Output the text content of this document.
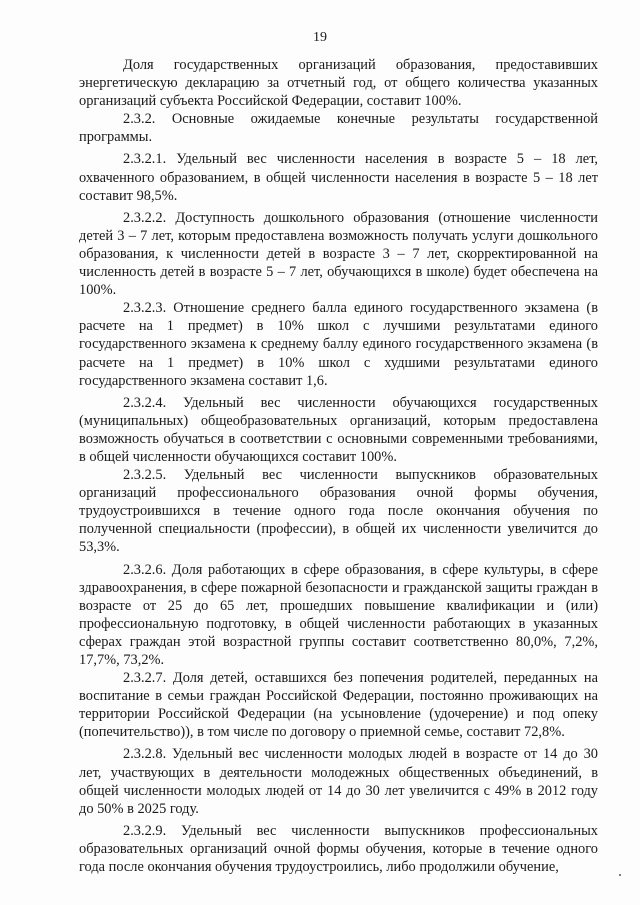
19

Доля государственных организаций образования, предоставивших энергетическую декларацию за отчетный год, от общего количества указанных организаций субъекта Российской Федерации, составит 100%.

2.3.2. Основные ожидаемые конечные результаты государственной программы.

2.3.2.1. Удельный вес численности населения в возрасте 5 – 18 лет, охваченного образованием, в общей численности населения в возрасте 5 – 18 лет составит 98,5%.

2.3.2.2. Доступность дошкольного образования (отношение численности детей 3 – 7 лет, которым предоставлена возможность получать услуги дошкольного образования, к численности детей в возрасте 3 – 7 лет, скорректированной на численность детей в возрасте 5 – 7 лет, обучающихся в школе) будет обеспечена на 100%.

2.3.2.3. Отношение среднего балла единого государственного экзамена (в расчете на 1 предмет) в 10% школ с лучшими результатами единого государственного экзамена к среднему баллу единого государственного экзамена (в расчете на 1 предмет) в 10% школ с худшими результатами единого государственного экзамена составит 1,6.

2.3.2.4. Удельный вес численности обучающихся государственных (муниципальных) общеобразовательных организаций, которым предоставлена возможность обучаться в соответствии с основными современными требованиями, в общей численности обучающихся составит 100%.

2.3.2.5. Удельный вес численности выпускников образовательных организаций профессионального образования очной формы обучения, трудоустроившихся в течение одного года после окончания обучения по полученной специальности (профессии), в общей их численности увеличится до 53,3%.

2.3.2.6. Доля работающих в сфере образования, в сфере культуры, в сфере здравоохранения, в сфере пожарной безопасности и гражданской защиты граждан в возрасте от 25 до 65 лет, прошедших повышение квалификации и (или) профессиональную подготовку, в общей численности работающих в указанных сферах граждан этой возрастной группы составит соответственно 80,0%, 7,2%, 17,7%, 73,2%.

2.3.2.7. Доля детей, оставшихся без попечения родителей, переданных на воспитание в семьи граждан Российской Федерации, постоянно проживающих на территории Российской Федерации (на усыновление (удочерение) и под опеку (попечительство)), в том числе по договору о приемной семье, составит 72,8%.

2.3.2.8. Удельный вес численности молодых людей в возрасте от 14 до 30 лет, участвующих в деятельности молодежных общественных объединений, в общей численности молодых людей от 14 до 30 лет увеличится с 49% в 2012 году до 50% в 2025 году.

2.3.2.9. Удельный вес численности выпускников профессиональных образовательных организаций очной формы обучения, которые в течение одного года после окончания обучения трудоустроились, либо продолжили обучение,
